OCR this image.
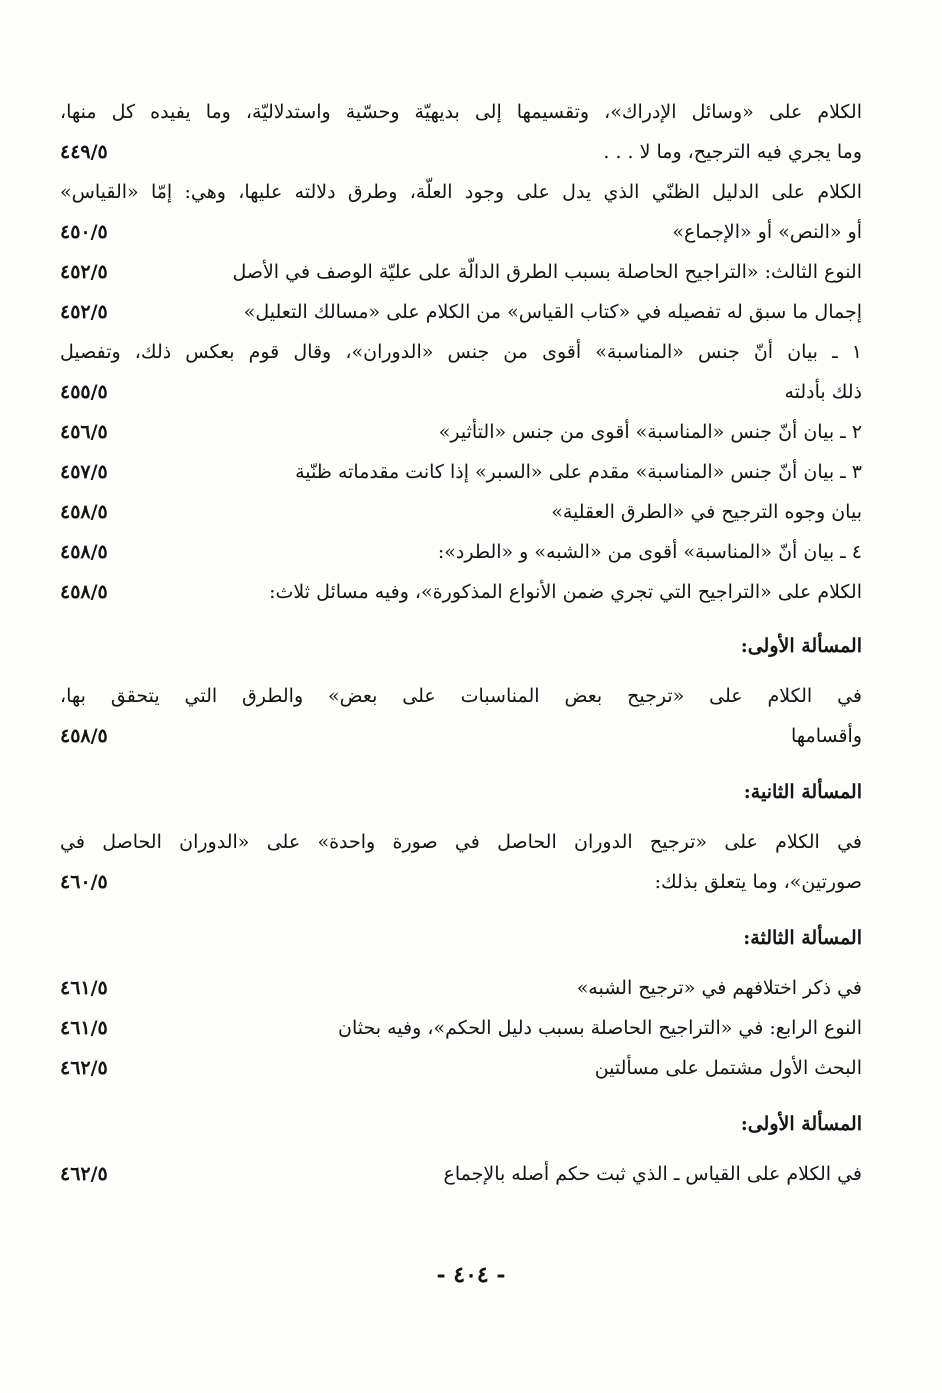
الكلام على «وسائل الإدراك»، وتقسيمها إلى بديهيّة وحسّية واستدلاليّة، وما يفيده كل منها،
وما يجري فيه الترجيح، وما لا . . .
٤٤٩/٥
الكلام على الدليل الظنّي الذي يدل على وجود العلّة، وطرق دلالته عليها، وهي: إمّا «القياس»
أو «النص» أو «الإجماع»
٤٥٠/٥
النوع الثالث: «التراجيح الحاصلة بسبب الطرق الدالّة على عليّة الوصف في الأصل
٤٥٢/٥
إجمال ما سبق له تفصيله في «كتاب القياس» من الكلام على «مسالك التعليل»
٤٥٢/٥
١ ـ بيان أنّ جنس «المناسبة» أقوى من جنس «الدوران»، وقال قوم بعكس ذلك، وتفصيل
ذلك بأدلته
٤٥٥/٥
٢ ـ بيان أنّ جنس «المناسبة» أقوى من جنس «التأثير»
٤٥٦/٥
٣ ـ بيان أنّ جنس «المناسبة» مقدم على «السبر» إذا كانت مقدماته ظنّية
٤٥٧/٥
بيان وجوه الترجيح في «الطرق العقلية»
٤٥٨/٥
٤ ـ بيان أنّ «المناسبة» أقوى من «الشبه» و «الطرد»:
٤٥٨/٥
الكلام على «التراجيح التي تجري ضمن الأنواع المذكورة»، وفيه مسائل ثلاث:
٤٥٨/٥
المسألة الأولى:
في الكلام على «ترجيح بعض المناسبات على بعض» والطرق التي يتحقق بها،
وأقسامها
٤٥٨/٥
المسألة الثانية:
في الكلام على «ترجيح الدوران الحاصل في صورة واحدة» على «الدوران الحاصل في
صورتين»، وما يتعلق بذلك:
٤٦٠/٥
المسألة الثالثة:
في ذكر اختلافهم في «ترجيح الشبه»
٤٦١/٥
النوع الرابع: في «التراجيح الحاصلة بسبب دليل الحكم»، وفيه بحثان
٤٦١/٥
البحث الأول مشتمل على مسألتين
٤٦٢/٥
المسألة الأولى:
في الكلام على القياس ـ الذي ثبت حكم أصله بالإجماع
٤٦٢/٥
- ٤٠٤ -
